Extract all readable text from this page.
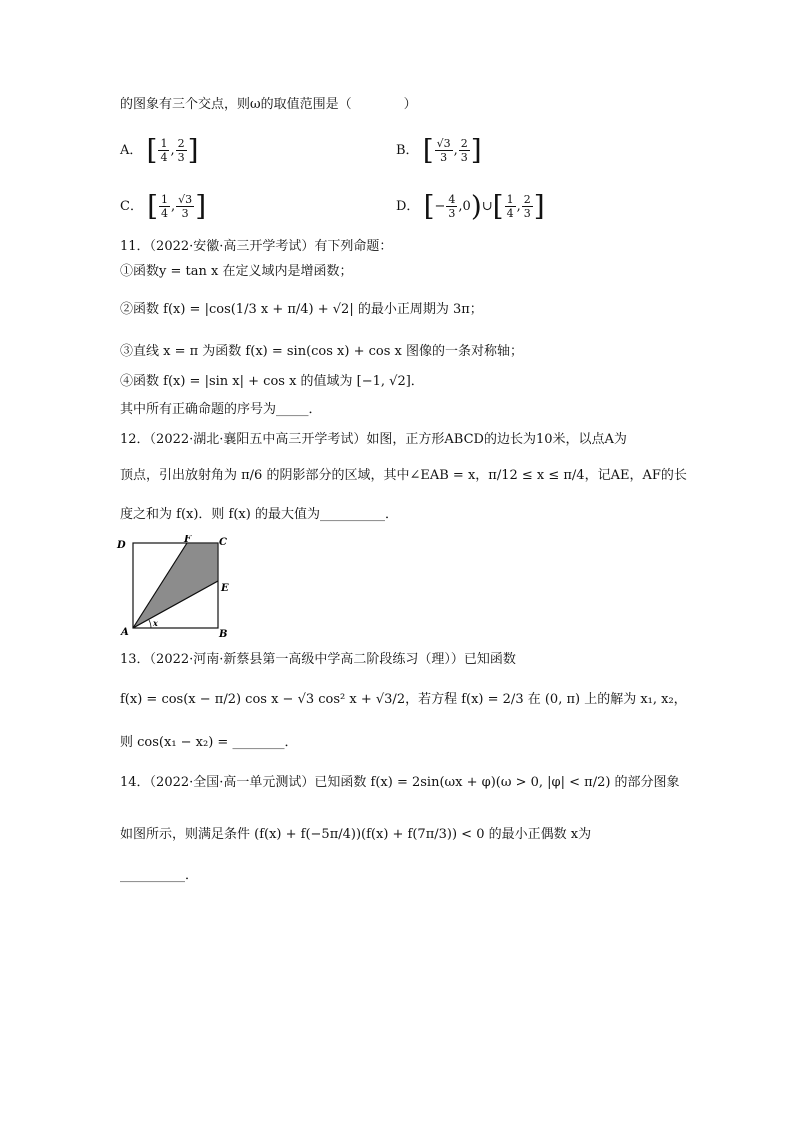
的图象有三个交点，则ω的取值范围是（　　　　）
A． [ $\frac{1}{4}$ , $\frac{2}{3}$ ]	B． [ $\frac{√3}{3}$ , $\frac{2}{3}$ ]
C． [ $\frac{1}{4}$ , $\frac{√3}{3}$ ]	D． [− $\frac{4}{3}$ ,0)∪[ $\frac{1}{4}$ , $\frac{2}{3}$ ]
11．（2022·安徽·高三开学考试）有下列命题：
①函数y = tan x 在定义域内是增函数；
②函数 f(x) = |cos(1/3 x + π/4) + √2| 的最小正周期为 3π；
③直线 x = π 为函数 f(x) = sin(cos x) + cos x 图像的一条对称轴；
④函数 f(x) = |sin x| + cos x 的值域为 [−1, √2]．
其中所有正确命题的序号为_____．
12．（2022·湖北·襄阳五中高三开学考试）如图，正方形ABCD的边长为10米，以点A为
顶点，引出放射角为 π/6 的阴影部分的区域，其中∠EAB = x，π/12 ≤ x ≤ π/4，记AE，AF的长
度之和为 f(x)．则 f(x) 的最大值为__________．
D
F	C
E
A	B
x
13．（2022·河南·新蔡县第一高级中学高二阶段练习（理））已知函数
f(x) = cos(x − π/2) cos x − √3 cos² x + √3/2，若方程 f(x) = 2/3 在 (0, π) 上的解为 x₁, x₂，
则 cos(x₁ − x₂) = ________．
14．（2022·全国·高一单元测试）已知函数 f(x) = 2sin(ωx + φ)(ω > 0, |φ| < π/2) 的部分图象
如图所示，则满足条件 (f(x) + f(−5π/4))(f(x) + f(7π/3)) < 0 的最小正偶数 x为
__________．
